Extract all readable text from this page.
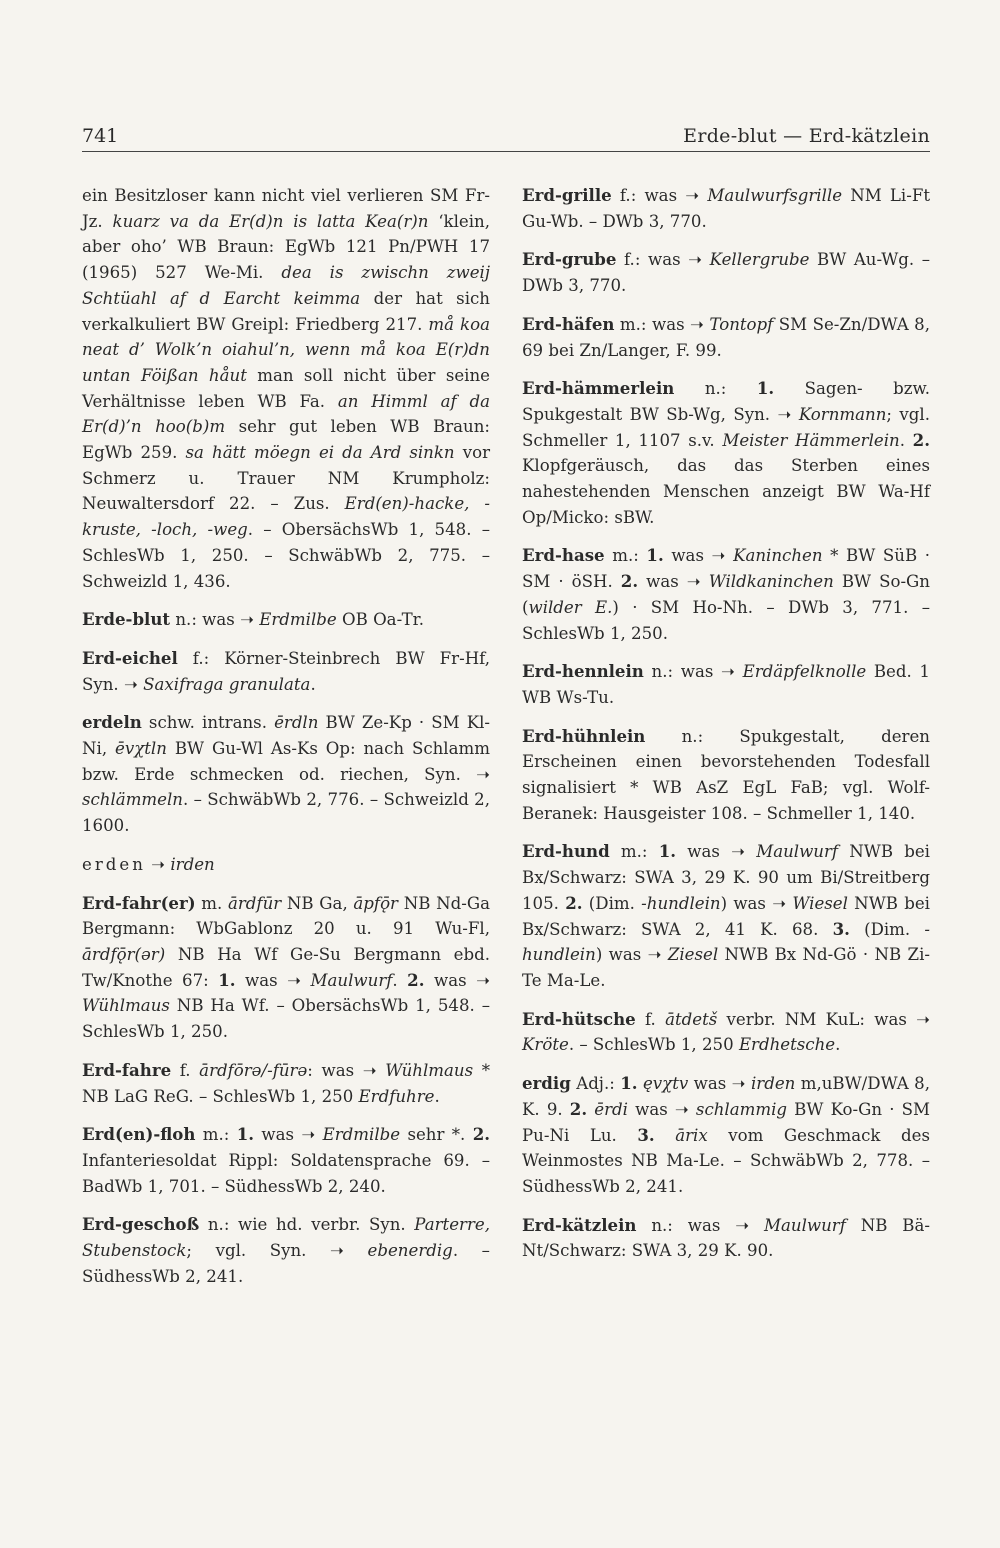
741	Erde-blut — Erd-kätzlein

ein Besitzloser kann nicht viel verlieren SM Fr-Jz. kuarz va da Er(d)n is latta Kea(r)n ‘klein, aber oho’ WB Braun: EgWb 121 Pn/PWH 17 (1965) 527 We-Mi. dea is zwischn zweij Schtüahl af d Earcht keimma der hat sich verkalkuliert BW Greipl: Friedberg 217. må koa neat d’ Wolk’n oiahul’n, wenn må koa E(r)dn untan Föißan håut man soll nicht über seine Verhältnisse leben WB Fa. an Himml af da Er(d)’n hoo(b)m sehr gut leben WB Braun: EgWb 259. sa hätt möegn ei da Ard sinkn vor Schmerz u. Trauer NM Krumpholz: Neuwaltersdorf 22. – Zus. Erd(en)-hacke, -kruste, -loch, -weg. – ObersächsWb 1, 548. – SchlesWb 1, 250. – SchwäbWb 2, 775. – Schweizld 1, 436.

Erde-blut n.: was ➝ Erdmilbe OB Oa-Tr.

Erd-eichel f.: Körner-Steinbrech BW Fr-Hf, Syn. ➝ Saxifraga granulata.

erdeln schw. intrans. ērdln BW Ze-Kp · SM Kl-Ni, ēvχtln BW Gu-Wl As-Ks Op: nach Schlamm bzw. Erde schmecken od. riechen, Syn. ➝ schlämmeln. – SchwäbWb 2, 776. – Schweizld 2, 1600.

erden ➝ irden

Erd-fahr(er) m. ārdfūr NB Ga, āpfǭr NB Nd-Ga Bergmann: WbGablonz 20 u. 91 Wu-Fl, ārdfǭr(ər) NB Ha Wf Ge-Su Bergmann ebd. Tw/Knothe 67: 1. was ➝ Maulwurf. 2. was ➝ Wühlmaus NB Ha Wf. – ObersächsWb 1, 548. – SchlesWb 1, 250.

Erd-fahre f. ārdfōrə/-fūrə: was ➝ Wühlmaus * NB LaG ReG. – SchlesWb 1, 250 Erdfuhre.

Erd(en)-floh m.: 1. was ➝ Erdmilbe sehr *. 2. Infanteriesoldat Rippl: Soldatensprache 69. – BadWb 1, 701. – SüdhessWb 2, 240.

Erd-geschoß n.: wie hd. verbr. Syn. Parterre, Stubenstock; vgl. Syn. ➝ ebenerdig. – SüdhessWb 2, 241.

Erd-grille f.: was ➝ Maulwurfsgrille NM Li-Ft Gu-Wb. – DWb 3, 770.

Erd-grube f.: was ➝ Kellergrube BW Au-Wg. – DWb 3, 770.

Erd-häfen m.: was ➝ Tontopf SM Se-Zn/DWA 8, 69 bei Zn/Langer, F. 99.

Erd-hämmerlein n.: 1. Sagen- bzw. Spukgestalt BW Sb-Wg, Syn. ➝ Kornmann; vgl. Schmeller 1, 1107 s.v. Meister Hämmerlein. 2. Klopfgeräusch, das das Sterben eines nahestehenden Menschen anzeigt BW Wa-Hf Op/Micko: sBW.

Erd-hase m.: 1. was ➝ Kaninchen * BW SüB · SM · öSH. 2. was ➝ Wildkaninchen BW So-Gn (wilder E.) · SM Ho-Nh. – DWb 3, 771. – SchlesWb 1, 250.

Erd-hennlein n.: was ➝ Erdäpfelknolle Bed. 1 WB Ws-Tu.

Erd-hühnlein n.: Spukgestalt, deren Erscheinen einen bevorstehenden Todesfall signalisiert * WB AsZ EgL FaB; vgl. Wolf-Beranek: Hausgeister 108. – Schmeller 1, 140.

Erd-hund m.: 1. was ➝ Maulwurf NWB bei Bx/Schwarz: SWA 3, 29 K. 90 um Bi/Streitberg 105. 2. (Dim. -hundlein) was ➝ Wiesel NWB bei Bx/Schwarz: SWA 2, 41 K. 68. 3. (Dim. -hundlein) was ➝ Ziesel NWB Bx Nd-Gö · NB Zi-Te Ma-Le.

Erd-hütsche f. ātdetš verbr. NM KuL: was ➝ Kröte. – SchlesWb 1, 250 Erdhetsche.

erdig Adj.: 1. ęvχtv was ➝ irden m,uBW/DWA 8, K. 9. 2. ērdi was ➝ schlammig BW Ko-Gn · SM Pu-Ni Lu. 3. ārix vom Geschmack des Weinmostes NB Ma-Le. – SchwäbWb 2, 778. – SüdhessWb 2, 241.

Erd-kätzlein n.: was ➝ Maulwurf NB Bä-Nt/Schwarz: SWA 3, 29 K. 90.
